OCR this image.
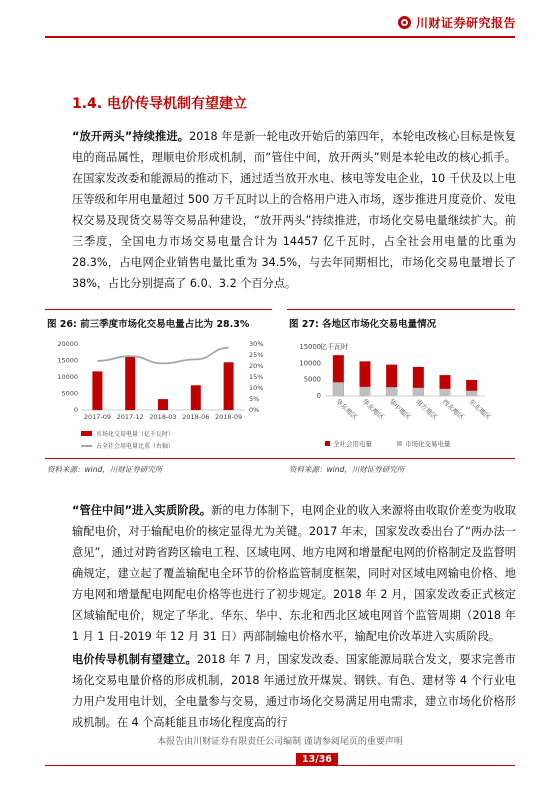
川财证券研究报告
1.4. 电价传导机制有望建立

“放开两头”持续推进。2018 年是新一轮电改开始后的第四年，本轮电改核心目标是恢复电的商品属性，理顺电价形成机制，而“管住中间，放开两头”则是本轮电改的核心抓手。在国家发改委和能源局的推动下，通过适当放开水电、核电等发电企业，10 千伏及以上电压等级和年用电量超过 500 万千瓦时以上的合格用户进入市场，逐步推进月度竞价、发电权交易及现货交易等交易品种建设，“放开两头”持续推进，市场化交易电量继续扩大。前三季度，全国电力市场交易电量合计为 14457 亿千瓦时，占全社会用电量的比重为 28.3%，占电网企业销售电量比重为 34.5%，与去年同期相比，市场化交易电量增长了 38%，占比分别提高了 6.0、3.2 个百分点。

图 26: 前三季度市场化交易电量占比为 28.3%
0
5000
10000
15000
20000
0%
5%
10%
15%
20%
25%
30%
2017-09 2017-12 2018-03 2018-06 2018-09
市场化交易电量（亿千瓦时）
占全社会用电量比重（右轴）
图 27: 各地区市场化交易电量情况
亿千瓦时
0
5000
10000
15000
华东地区 华北地区 华中地区 南方地区 西北地区 东北地区
全社会用电量	市场化交易电量
资料来源：wind，川财证券研究所	资料来源：wind，川财证券研究所

“管住中间”进入实质阶段。新的电力体制下，电网企业的收入来源将由收取价差变为收取输配电价，对于输配电价的核定显得尤为关键。2017 年末，国家发改委出台了“两办法一意见”，通过对跨省跨区输电工程、区域电网、地方电网和增量配电网的价格制定及监督明确规定，建立起了覆盖输配电全环节的价格监管制度框架，同时对区域电网输电价格、地方电网和增量配电网配电价格等也进行了初步规定。2018 年 2 月，国家发改委正式核定区域输配电价，规定了华北、华东、华中、东北和西北区域电网首个监管周期（2018 年 1 月 1 日-2019 年 12 月 31 日）两部制输电价格水平，输配电价改革进入实质阶段。

电价传导机制有望建立。2018 年 7 月，国家发改委、国家能源局联合发文，要求完善市场化交易电量价格的形成机制，2018 年通过放开煤炭、钢铁、有色、建材等 4 个行业电力用户发用电计划，全电量参与交易，通过市场化交易满足用电需求，建立市场化价格形成机制。在 4 个高耗能且市场化程度高的行

本报告由川财证券有限责任公司编制 谨请参阅尾页的重要声明
13/36
